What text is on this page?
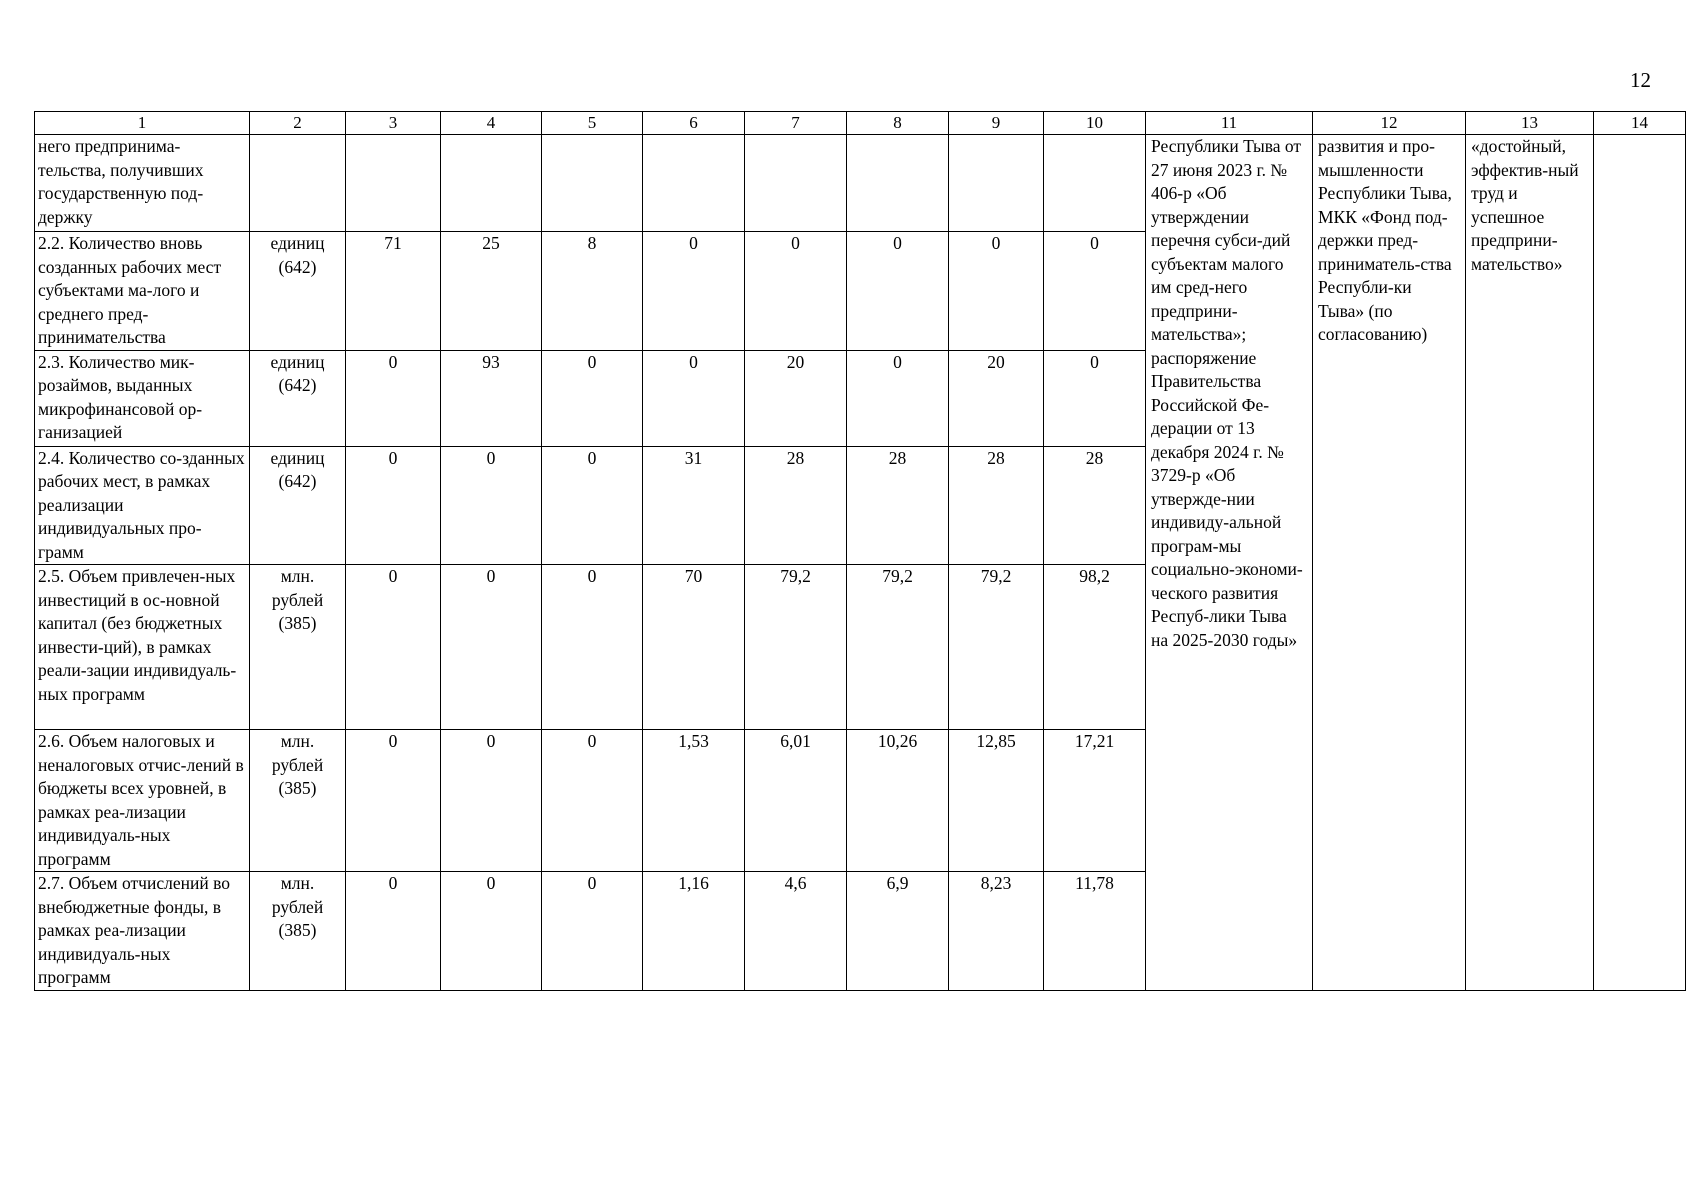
12
1	2	3	4	5	6	7	8	9	10	11	12	13	14
него предпринима-тельства, получивших государственную под-держку										Республики Тыва от 27 июня 2023 г. № 406-р «Об утверждении перечня субси-дий субъектам малого им сред-него предприни-мательства»; распоряжение Правительства Российской Фе-дерации от 13 декабря 2024 г. № 3729-р «Об утвержде-нии индивиду-альной програм-мы социально-экономи-ческого развития Респуб-лики Тыва на 2025-2030 годы»	развития и про-мышленности Республики Тыва, МКК «Фонд под-держки пред-приниматель-ства Республи-ки Тыва» (по согласованию)	«достойный, эффектив-ный труд и успешное предприни-мательство»	
2.2. Количество вновь созданных рабочих мест субъектами ма-лого и среднего пред-принимательства	единиц (642)	71	25	8	0	0	0	0	0				
2.3. Количество мик-розаймов, выданных микрофинансовой ор-ганизацией	единиц (642)	0	93	0	0	20	0	20	0				
2.4. Количество со-зданных рабочих мест, в рамках реализации индивидуальных про-грамм	единиц (642)	0	0	0	31	28	28	28	28				
2.5. Объем привлечен-ных инвестиций в ос-новной капитал (без бюджетных инвести-ций), в рамках реали-зации индивидуаль-ных программ	млн. рублей (385)	0	0	0	70	79,2	79,2	79,2	98,2				
2.6. Объем налоговых и неналоговых отчис-лений в бюджеты всех уровней, в рамках реа-лизации индивидуаль-ных программ	млн. рублей (385)	0	0	0	1,53	6,01	10,26	12,85	17,21				
2.7. Объем отчислений во внебюджетные фонды, в рамках реа-лизации индивидуаль-ных программ	млн. рублей (385)	0	0	0	1,16	4,6	6,9	8,23	11,78				
